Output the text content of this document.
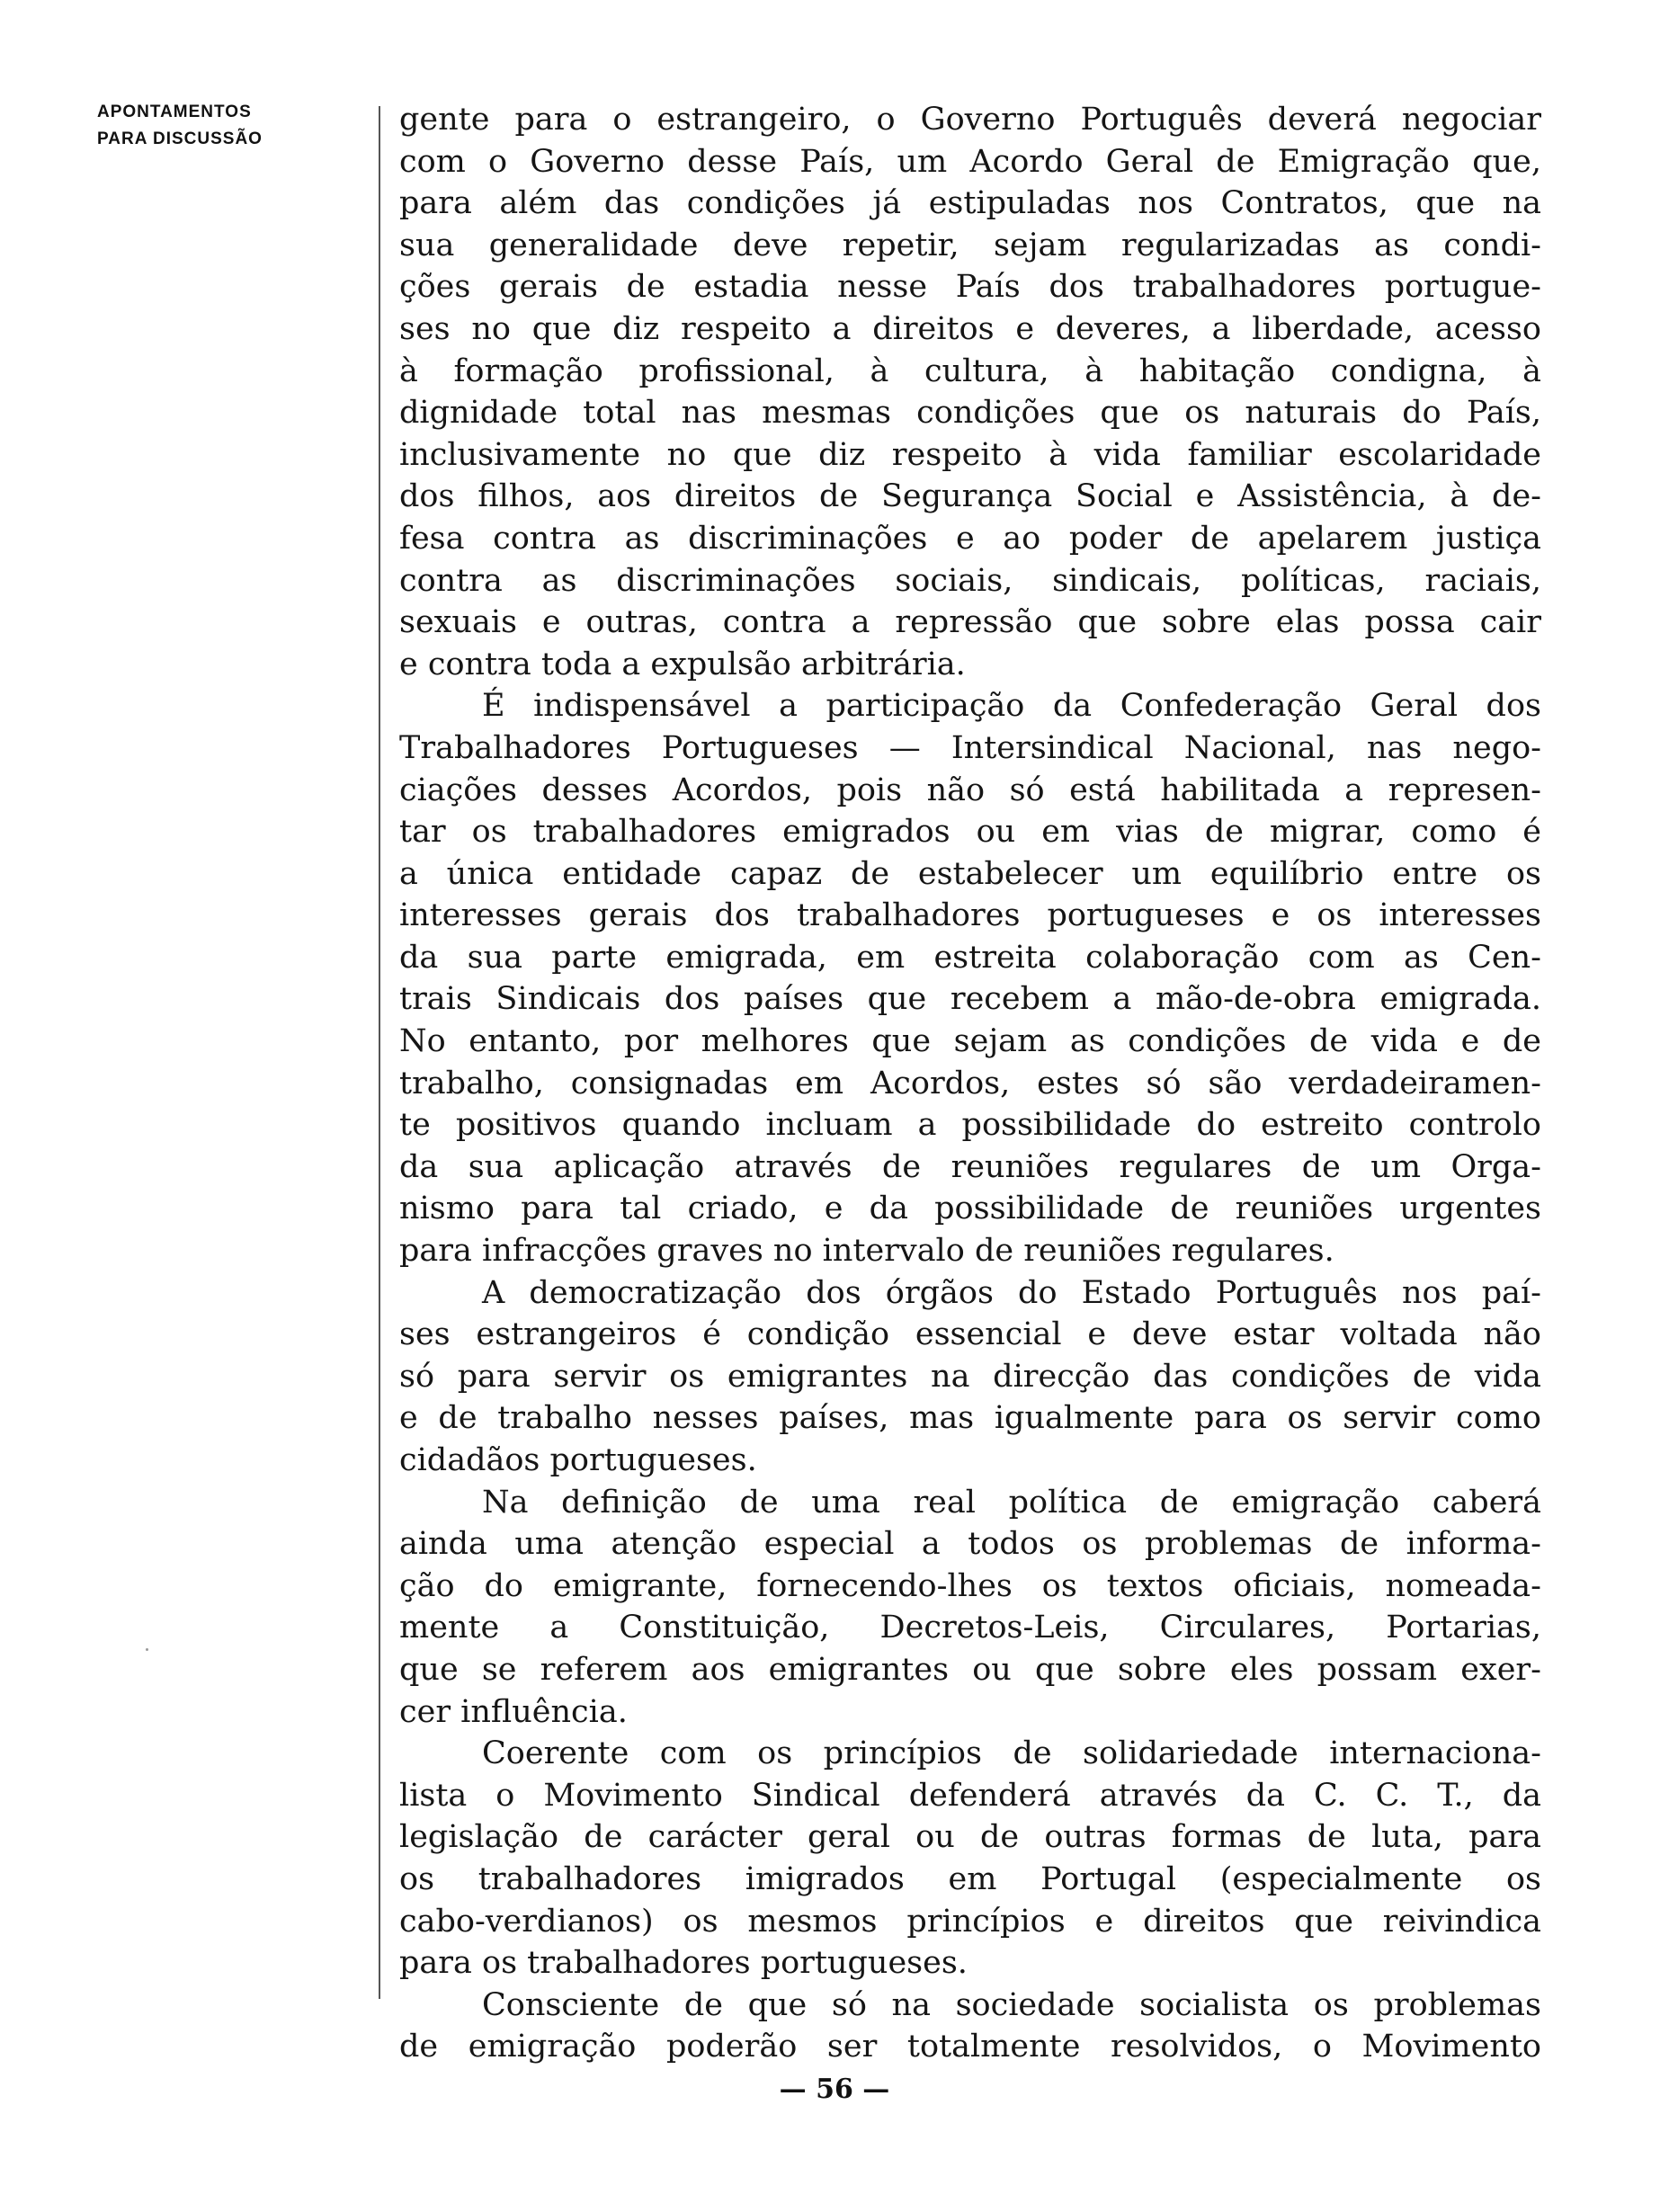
APONTAMENTOS
PARA DISCUSSÃO
gente para o estrangeiro, o Governo Português deverá negociar
com o Governo desse País, um Acordo Geral de Emigração que,
para além das condições já estipuladas nos Contratos, que na
sua generalidade deve repetir, sejam regularizadas as condi-
ções gerais de estadia nesse País dos trabalhadores portugue-
ses no que diz respeito a direitos e deveres, a liberdade, acesso
à formação profissional, à cultura, à habitação condigna, à
dignidade total nas mesmas condições que os naturais do País,
inclusivamente no que diz respeito à vida familiar escolaridade
dos filhos, aos direitos de Segurança Social e Assistência, à de-
fesa contra as discriminações e ao poder de apelarem justiça
contra as discriminações sociais, sindicais, políticas, raciais,
sexuais e outras, contra a repressão que sobre elas possa cair
e contra toda a expulsão arbitrária.
É indispensável a participação da Confederação Geral dos
Trabalhadores Portugueses — Intersindical Nacional, nas nego-
ciações desses Acordos, pois não só está habilitada a represen-
tar os trabalhadores emigrados ou em vias de migrar, como é
a única entidade capaz de estabelecer um equilíbrio entre os
interesses gerais dos trabalhadores portugueses e os interesses
da sua parte emigrada, em estreita colaboração com as Cen-
trais Sindicais dos países que recebem a mão-de-obra emigrada.
No entanto, por melhores que sejam as condições de vida e de
trabalho, consignadas em Acordos, estes só são verdadeiramen-
te positivos quando incluam a possibilidade do estreito controlo
da sua aplicação através de reuniões regulares de um Orga-
nismo para tal criado, e da possibilidade de reuniões urgentes
para infracções graves no intervalo de reuniões regulares.
A democratização dos órgãos do Estado Português nos paí-
ses estrangeiros é condição essencial e deve estar voltada não
só para servir os emigrantes na direcção das condições de vida
e de trabalho nesses países, mas igualmente para os servir como
cidadãos portugueses.
Na definição de uma real política de emigração caberá
ainda uma atenção especial a todos os problemas de informa-
ção do emigrante, fornecendo-lhes os textos oficiais, nomeada-
mente a Constituição, Decretos-Leis, Circulares, Portarias,
que se referem aos emigrantes ou que sobre eles possam exer-
cer influência.
Coerente com os princípios de solidariedade internaciona-
lista o Movimento Sindical defenderá através da C. C. T., da
legislação de carácter geral ou de outras formas de luta, para
os trabalhadores imigrados em Portugal (especialmente os
cabo-verdianos) os mesmos princípios e direitos que reivindica
para os trabalhadores portugueses.
Consciente de que só na sociedade socialista os problemas
de emigração poderão ser totalmente resolvidos, o Movimento
— 56 —
